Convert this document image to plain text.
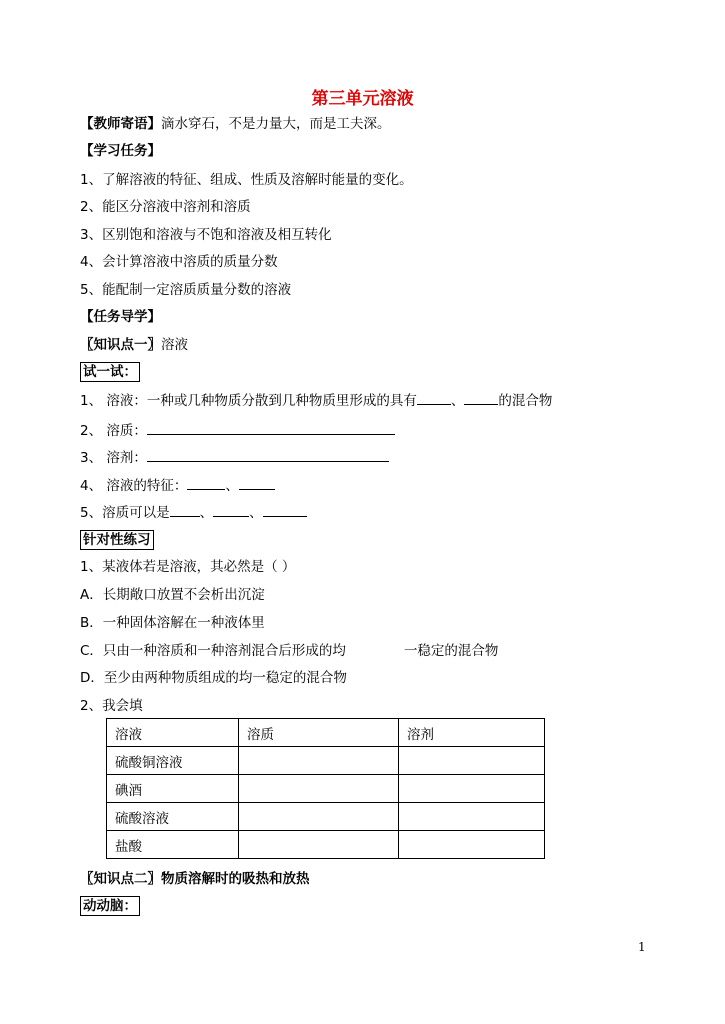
第三单元溶液
【教师寄语】滴水穿石，不是力量大，而是工夫深。
【学习任务】
1、了解溶液的特征、组成、性质及溶解时能量的变化。
2、能区分溶液中溶剂和溶质
3、区别饱和溶液与不饱和溶液及相互转化
4、会计算溶液中溶质的质量分数
5、能配制一定溶质质量分数的溶液
【任务导学】
〖知识点一〗溶液
试一试：
1、 溶液：一种或几种物质分散到几种物质里形成的具有	、	的混合物
2、 溶质：
3、 溶剂：
4、 溶液的特征：	、
5、溶质可以是 、	、
针对性练习
1、某液体若是溶液，其必然是（ ）
A．长期敞口放置不会析出沉淀
B．一种固体溶解在一种液体里
C．只由一种溶质和一种溶剂混合后形成的均	一稳定的混合物
D．至少由两种物质组成的均一稳定的混合物
2、我会填
溶液	溶质	溶剂
硫酸铜溶液		
碘酒		
硫酸溶液		
盐酸		
〖知识点二〗物质溶解时的吸热和放热
动动脑：
1
